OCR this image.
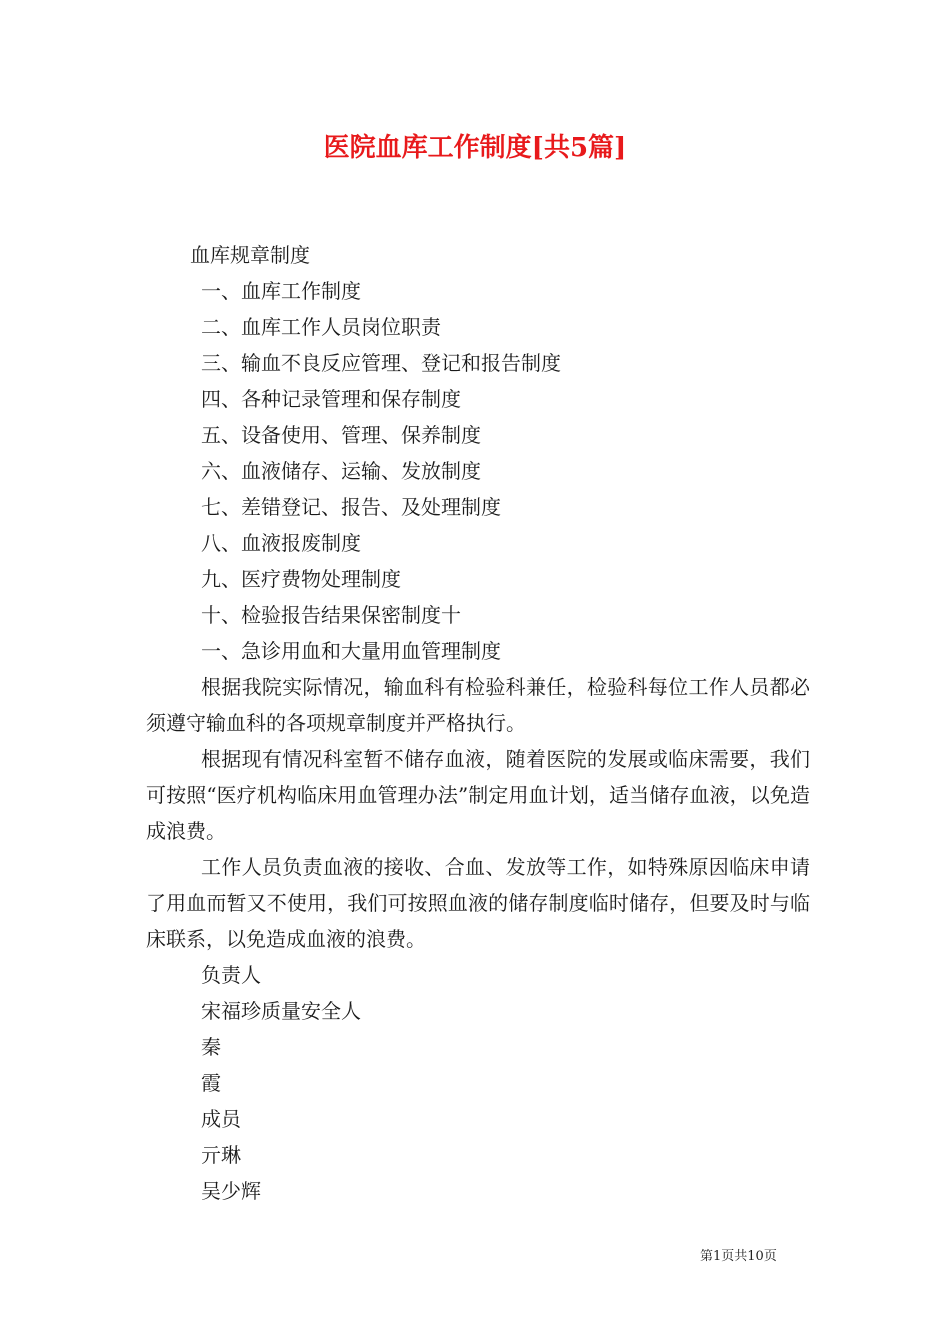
医院血库工作制度[共5篇]

血库规章制度

一、血库工作制度

二、血库工作人员岗位职责

三、输血不良反应管理、登记和报告制度

四、各种记录管理和保存制度

五、设备使用、管理、保养制度

六、血液储存、运输、发放制度

七、差错登记、报告、及处理制度

八、血液报废制度

九、医疗费物处理制度

十、检验报告结果保密制度十

一、急诊用血和大量用血管理制度

根据我院实际情况，输血科有检验科兼任，检验科每位工作人员都必须遵守输血科的各项规章制度并严格执行。

根据现有情况科室暂不储存血液，随着医院的发展或临床需要，我们可按照“医疗机构临床用血管理办法”制定用血计划，适当储存血液，以免造成浪费。

工作人员负责血液的接收、合血、发放等工作，如特殊原因临床申请了用血而暂又不使用，我们可按照血液的储存制度临时储存，但要及时与临床联系，以免造成血液的浪费。

负责人

宋福珍质量安全人

秦

霞

成员

亓琳

吴少辉

第1页共10页
